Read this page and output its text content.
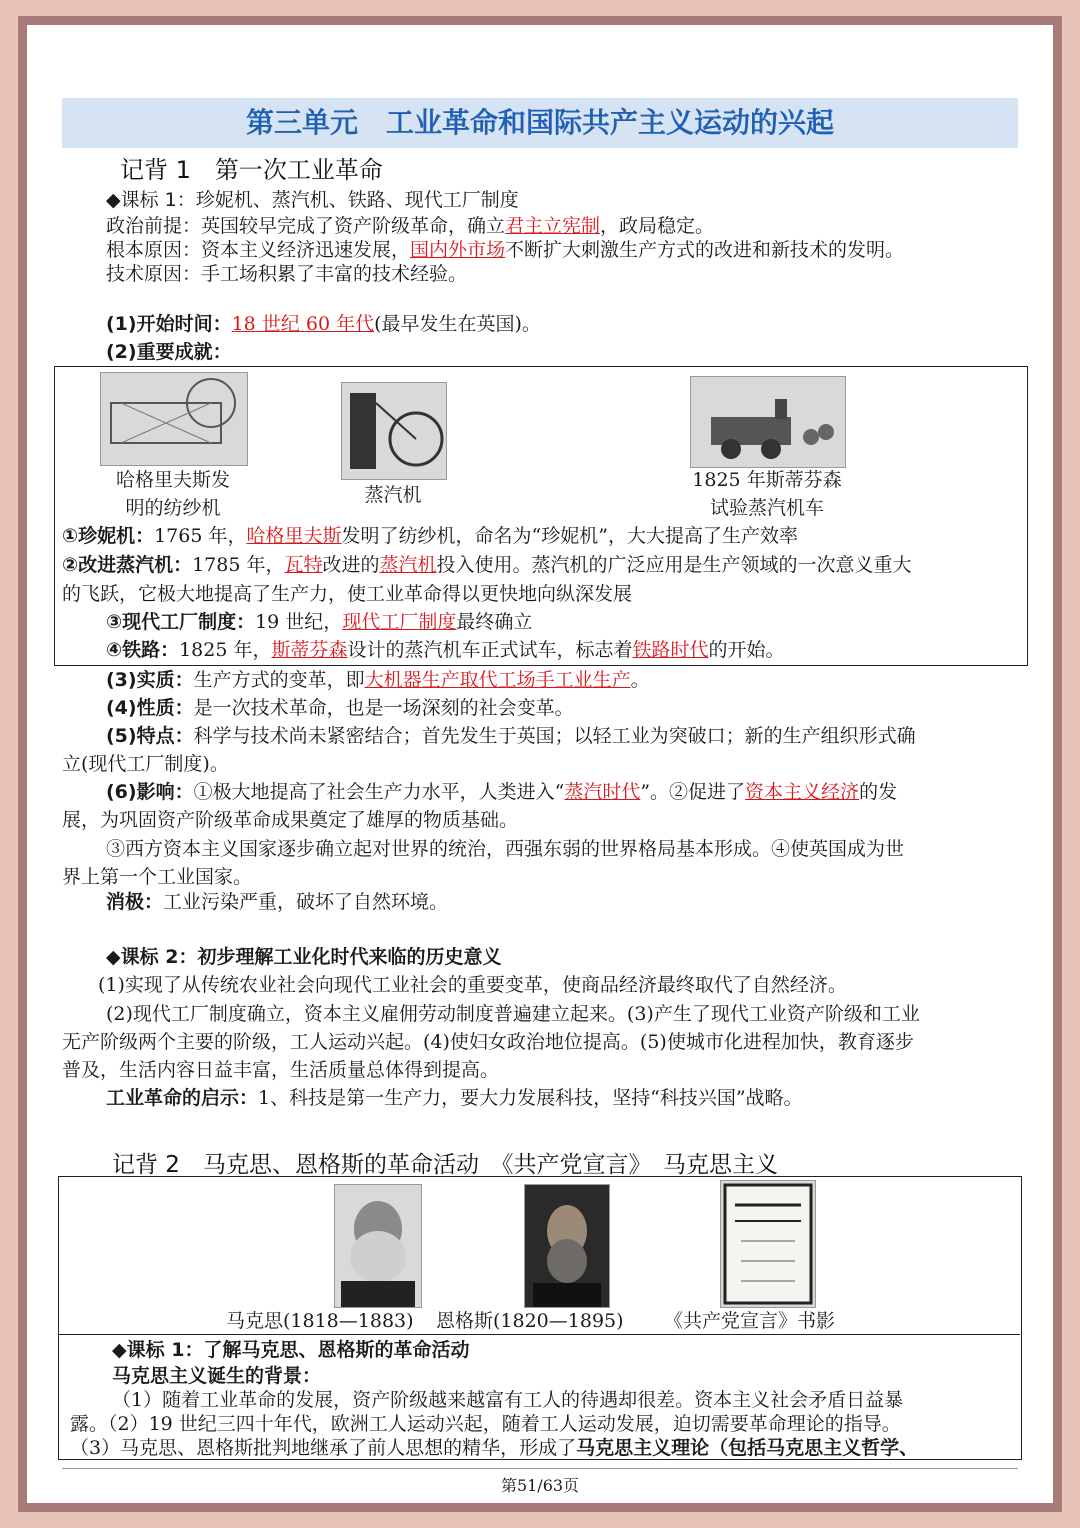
第三单元　工业革命和国际共产主义运动的兴起
记背 1　第一次工业革命
◆课标 1：珍妮机、蒸汽机、铁路、现代工厂制度
政治前提：英国较早完成了资产阶级革命，确立君主立宪制，政局稳定。
根本原因：资本主义经济迅速发展，国内外市场不断扩大刺激生产方式的改进和新技术的发明。
技术原因：手工场积累了丰富的技术经验。
(1)开始时间：18 世纪 60 年代(最早发生在英国)。
(2)重要成就：
哈格里夫斯发
明的纺纱机
蒸汽机
1825 年斯蒂芬森
试验蒸汽机车
①珍妮机：1765 年，哈格里夫斯发明了纺纱机，命名为“珍妮机”，大大提高了生产效率
②改进蒸汽机：1785 年，瓦特改进的蒸汽机投入使用。蒸汽机的广泛应用是生产领域的一次意义重大
的飞跃，它极大地提高了生产力，使工业革命得以更快地向纵深发展
③现代工厂制度：19 世纪，现代工厂制度最终确立
④铁路：1825 年，斯蒂芬森设计的蒸汽机车正式试车，标志着铁路时代的开始。
(3)实质：生产方式的变革，即大机器生产取代工场手工业生产。
(4)性质：是一次技术革命，也是一场深刻的社会变革。
(5)特点：科学与技术尚未紧密结合；首先发生于英国；以轻工业为突破口；新的生产组织形式确
立(现代工厂制度)。
(6)影响：①极大地提高了社会生产力水平，人类进入“蒸汽时代”。②促进了资本主义经济的发
展，为巩固资产阶级革命成果奠定了雄厚的物质基础。
③西方资本主义国家逐步确立起对世界的统治，西强东弱的世界格局基本形成。④使英国成为世
界上第一个工业国家。
消极：工业污染严重，破坏了自然环境。
◆课标 2：初步理解工业化时代来临的历史意义
(1)实现了从传统农业社会向现代工业社会的重要变革，使商品经济最终取代了自然经济。
(2)现代工厂制度确立，资本主义雇佣劳动制度普遍建立起来。(3)产生了现代工业资产阶级和工业
无产阶级两个主要的阶级，工人运动兴起。(4)使妇女政治地位提高。(5)使城市化进程加快，教育逐步
普及，生活内容日益丰富，生活质量总体得到提高。
工业革命的启示：1、科技是第一生产力，要大力发展科技，坚持“科技兴国”战略。
记背 2　马克思、恩格斯的革命活动　《共产党宣言》　马克思主义
马克思(1818—1883) 恩格斯(1820—1895) 《共产党宣言》书影
◆课标 1：了解马克思、恩格斯的革命活动
马克思主义诞生的背景：
（1）随着工业革命的发展，资产阶级越来越富有工人的待遇却很差。资本主义社会矛盾日益暴
露。（2）19 世纪三四十年代，欧洲工人运动兴起，随着工人运动发展，迫切需要革命理论的指导。
（3）马克思、恩格斯批判地继承了前人思想的精华，形成了马克思主义理论（包括马克思主义哲学、
第51/63页
